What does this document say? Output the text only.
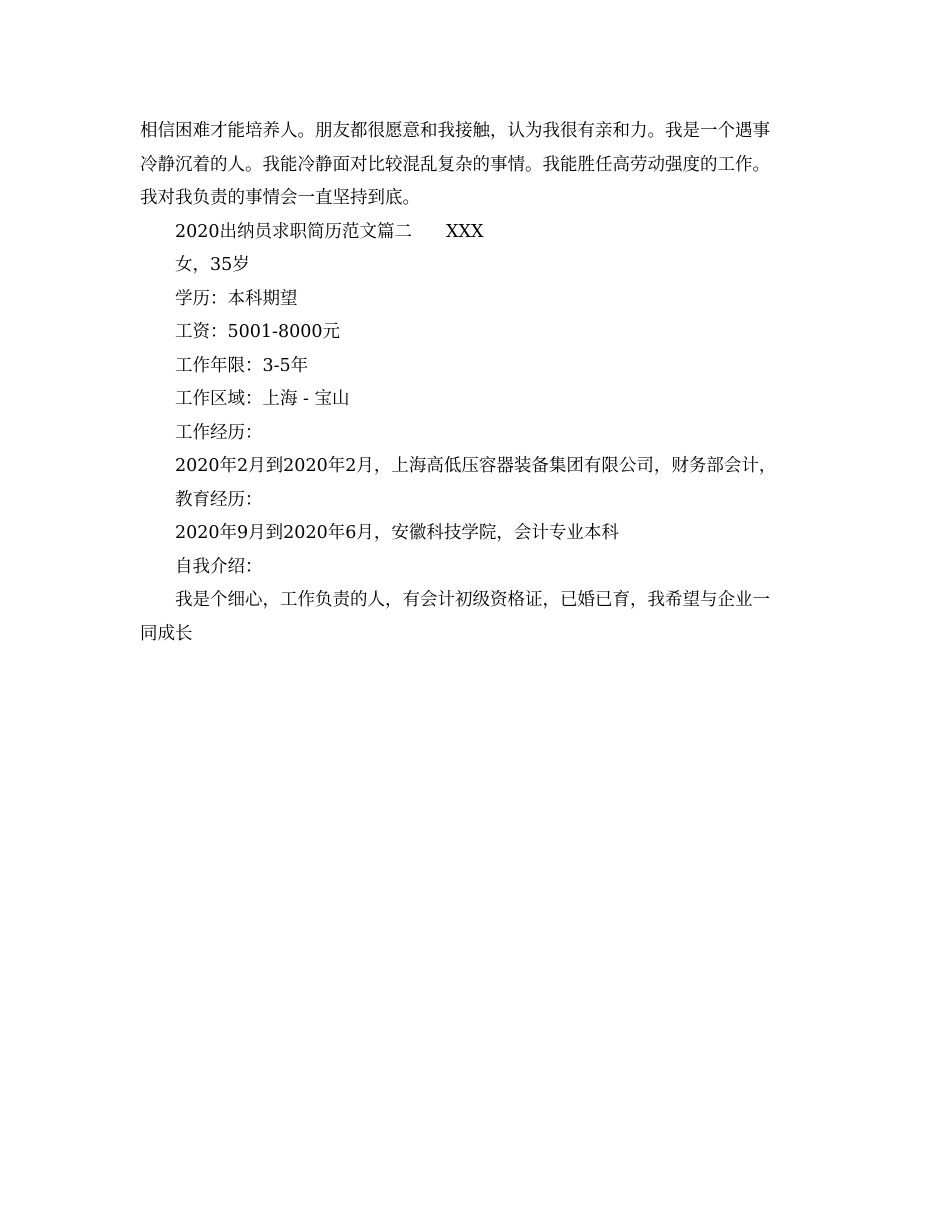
相信困难才能培养人。朋友都很愿意和我接触，认为我很有亲和力。我是一个遇事

冷静沉着的人。我能冷静面对比较混乱复杂的事情。我能胜任高劳动强度的工作。

我对我负责的事情会一直坚持到底。

2020出纳员求职简历范文篇二 XXX

女，35岁

学历：本科期望

工资：5001-8000元

工作年限：3-5年

工作区域：上海 - 宝山

工作经历：

2020年2月到2020年2月，上海高低压容器装备集团有限公司，财务部会计，

教育经历：

2020年9月到2020年6月，安徽科技学院，会计专业本科

自我介绍：

我是个细心，工作负责的人，有会计初级资格证，已婚已育，我希望与企业一

同成长
